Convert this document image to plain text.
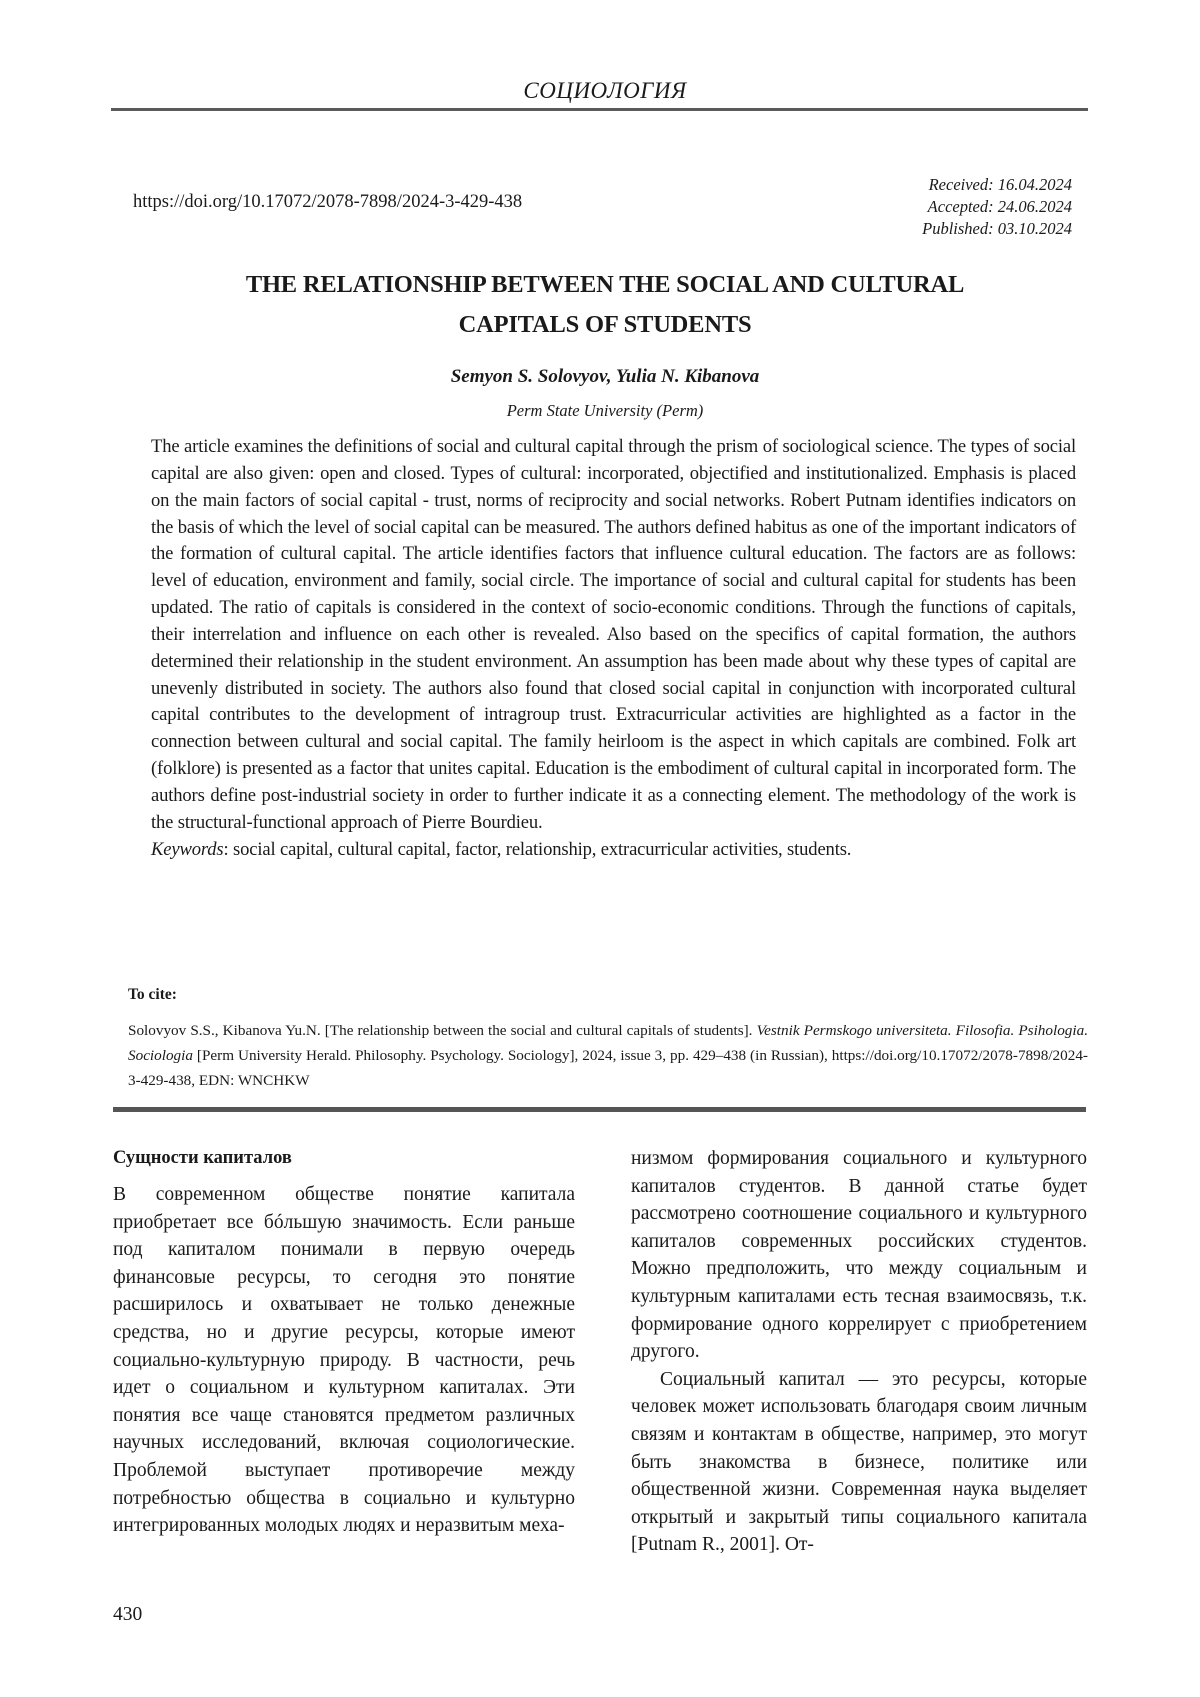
СОЦИОЛОГИЯ
https://doi.org/10.17072/2078-7898/2024-3-429-438
Received: 16.04.2024
Accepted: 24.06.2024
Published: 03.10.2024
THE RELATIONSHIP BETWEEN THE SOCIAL AND CULTURAL
CAPITALS OF STUDENTS
Semyon S. Solovyov, Yulia N. Kibanova
Perm State University (Perm)

The article examines the definitions of social and cultural capital through the prism of sociological science. The types of social capital are also given: open and closed. Types of cultural: incorporated, objectified and institutionalized. Emphasis is placed on the main factors of social capital - trust, norms of reciprocity and social networks. Robert Putnam identifies indicators on the basis of which the level of social capital can be measured. The authors defined habitus as one of the important indicators of the formation of cultural capital. The article identifies factors that influence cultural education. The factors are as follows: level of education, environment and family, social circle. The importance of social and cultural capital for students has been updated. The ratio of capitals is considered in the context of socio-economic conditions. Through the functions of capitals, their interrelation and influence on each other is revealed. Also based on the specifics of capital formation, the authors determined their relationship in the student environment. An assumption has been made about why these types of capital are unevenly distributed in society. The authors also found that closed social capital in conjunction with incorporated cultural capital contributes to the development of intragroup trust. Extracurricular activities are highlighted as a factor in the connection between cultural and social capital. The family heirloom is the aspect in which capitals are combined. Folk art (folklore) is presented as a factor that unites capital. Education is the embodiment of cultural capital in incorporated form. The authors define post-industrial society in order to further indicate it as a connecting element. The methodology of the work is the structural-functional approach of Pierre Bourdieu.

Keywords: social capital, cultural capital, factor, relationship, extracurricular activities, students.

To cite:
Solovyov S.S., Kibanova Yu.N. [The relationship between the social and cultural capitals of students]. Vestnik Permskogo universiteta. Filosofia. Psihologia. Sociologia [Perm University Herald. Philosophy. Psychology. Sociology], 2024, issue 3, pp. 429–438 (in Russian), https://doi.org/10.17072/2078-7898/2024-3-429-438, EDN: WNCHKW

Сущности капиталов

В современном обществе понятие капитала приобретает все бóльшую значимость. Если раньше под капиталом понимали в первую очередь финансовые ресурсы, то сегодня это понятие расширилось и охватывает не только денежные средства, но и другие ресурсы, которые имеют социально-культурную природу. В частности, речь идет о социальном и культурном капиталах. Эти понятия все чаще становятся предметом различных научных исследований, включая социологические. Проблемой выступает противоречие между потребностью общества в социально и культурно интегрированных молодых людях и неразвитым меха-

низмом формирования социального и культурного капиталов студентов. В данной статье будет рассмотрено соотношение социального и культурного капиталов современных российских студентов. Можно предположить, что между социальным и культурным капиталами есть тесная взаимосвязь, т.к. формирование одного коррелирует с приобретением другого.

Социальный капитал — это ресурсы, которые человек может использовать благодаря своим личным связям и контактам в обществе, например, это могут быть знакомства в бизнесе, политике или общественной жизни. Современная наука выделяет открытый и закрытый типы социального капитала [Putnam R., 2001]. От-

430
